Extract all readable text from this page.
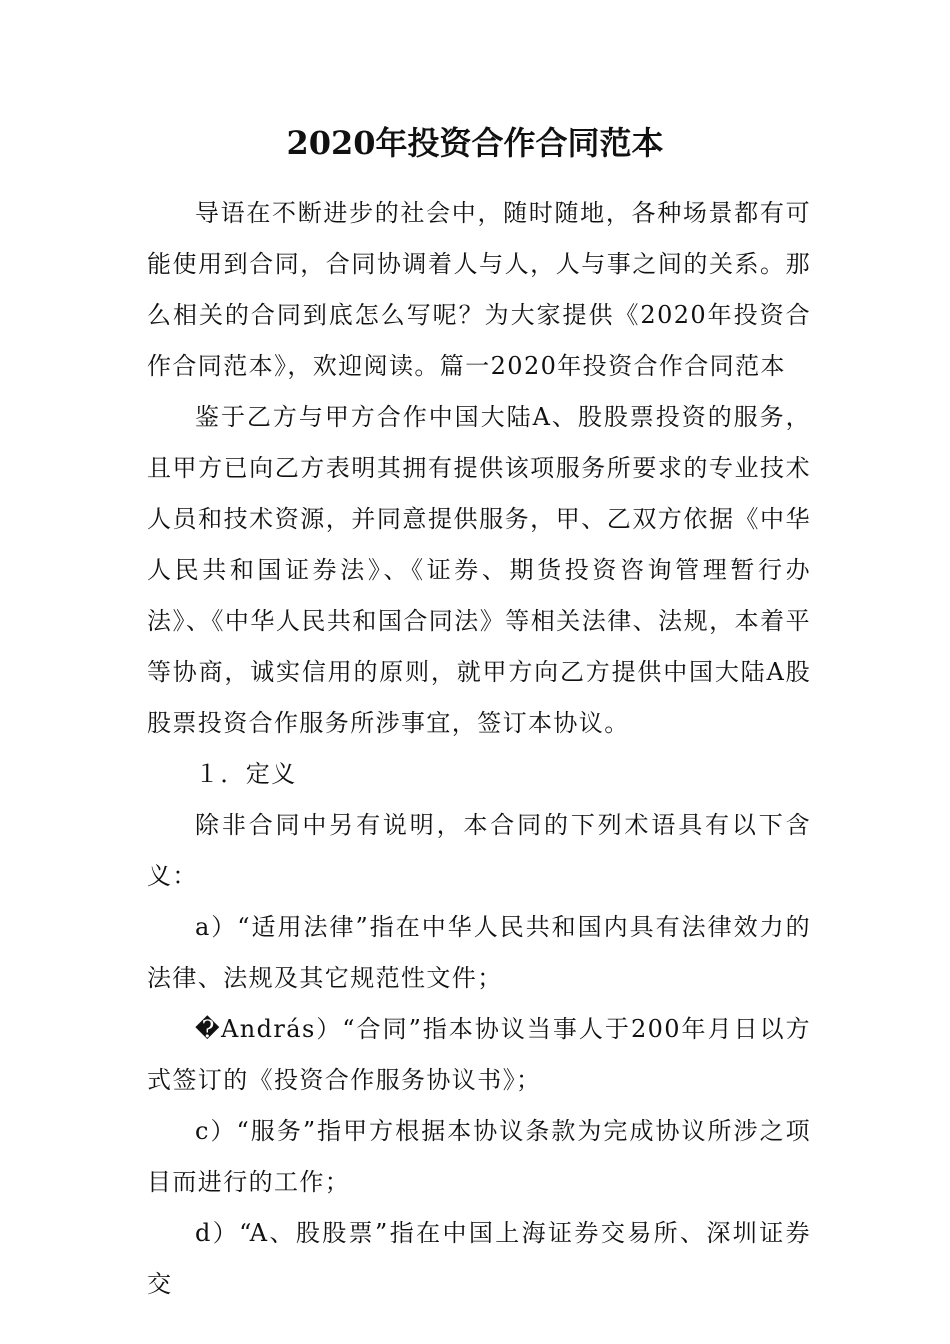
2020年投资合作合同范本

导语在不断进步的社会中，随时随地，各种场景都有可能使用到合同，合同协调着人与人，人与事之间的关系。那么相关的合同到底怎么写呢？为大家提供《2020年投资合作合同范本》，欢迎阅读。篇一2020年投资合作合同范本

鉴于乙方与甲方合作中国大陆A、股股票投资的服务，且甲方已向乙方表明其拥有提供该项服务所要求的专业技术人员和技术资源，并同意提供服务，甲、乙双方依据《中华人民共和国证券法》、《证券、期货投资咨询管理暂行办法》、《中华人民共和国合同法》等相关法律、法规，本着平等协商，诚实信用的原则，就甲方向乙方提供中国大陆A股股票投资合作服务所涉事宜，签订本协议。

１．定义

除非合同中另有说明，本合同的下列术语具有以下含义：

a）“适用法律”指在中华人民共和国内具有法律效力的法律、法规及其它规范性文件；

�András）“合同”指本协议当事人于200年月日以方式签订的《投资合作服务协议书》；

c）“服务”指甲方根据本协议条款为完成协议所涉之项目而进行的工作；

d）“A、股股票”指在中国上海证券交易所、深圳证券交
